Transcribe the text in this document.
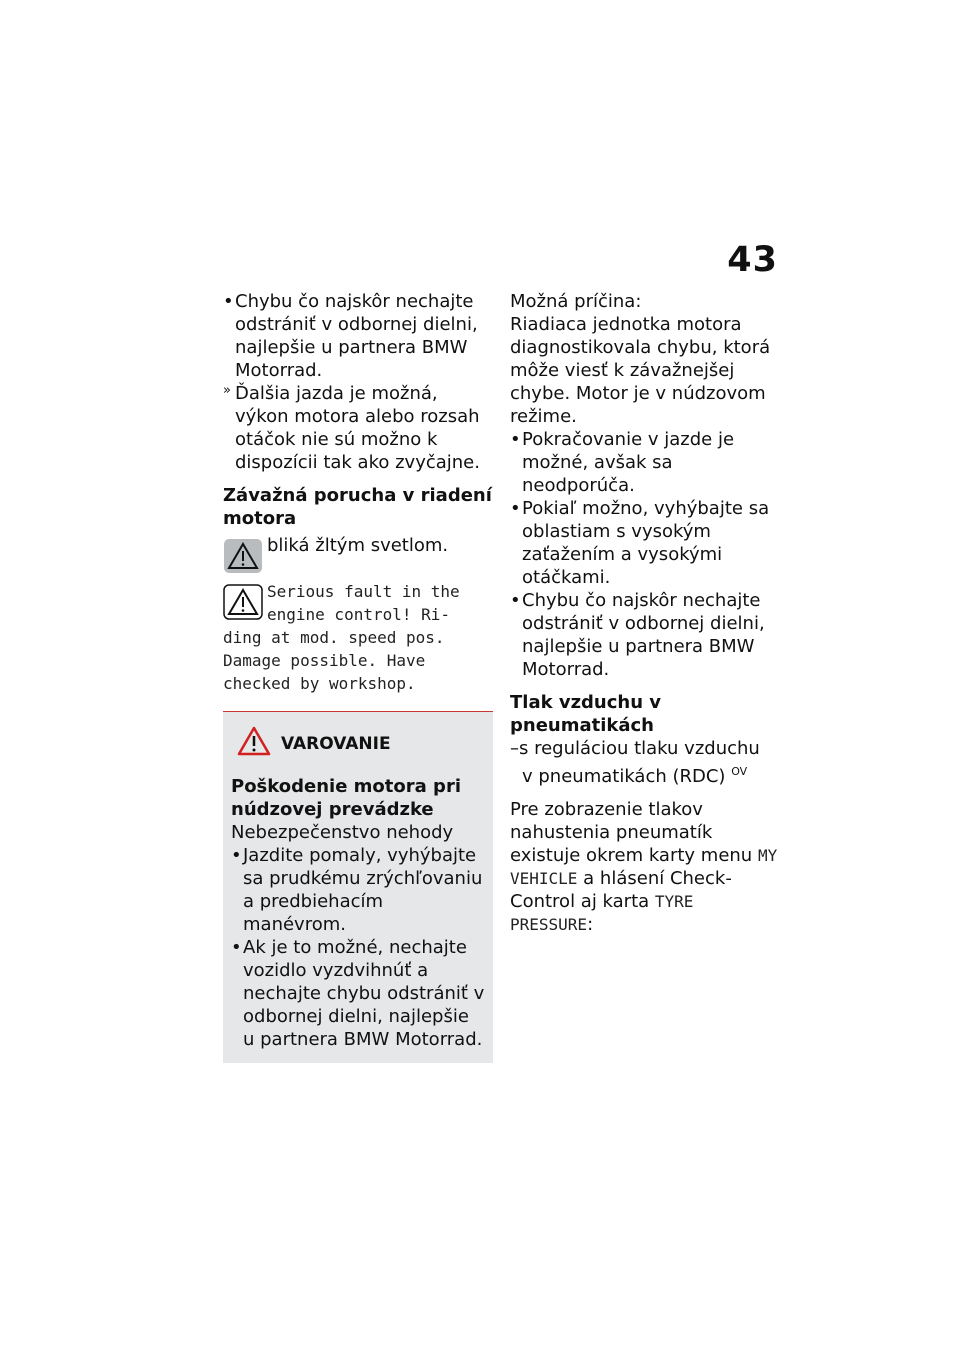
43
• Chybu čo najskôr nechajte odstrániť v odbornej dielni, najlepšie u partnera BMW Motorrad.
» Ďalšia jazda je možná, výkon motora alebo rozsah otáčok nie sú možno k dispozícii tak ako zvyčajne.
Závažná porucha v riadení motora
bliká žltým svetlom.
Serious fault in the
engine control! Ri-
ding at mod. speed pos.
Damage possible. Have
checked by workshop.
VAROVANIE
Poškodenie motora pri núdzovej prevádzke
Nebezpečenstvo nehody
• Jazdite pomaly, vyhýbajte sa prudkému zrýchľovaniu a predbiehacím manévrom.
• Ak je to možné, nechajte vozidlo vyzdvihnúť a nechajte chybu odstrániť v odbornej dielni, najlepšie u partnera BMW Motorrad.
Možná príčina:
Riadiaca jednotka motora diagnostikovala chybu, ktorá môže viesť k závažnejšej chybe. Motor je v núdzovom režime.
• Pokračovanie v jazde je možné, avšak sa neodporúča.
• Pokiaľ možno, vyhýbajte sa oblastiam s vysokým zaťažením a vysokými otáčkami.
• Chybu čo najskôr nechajte odstrániť v odbornej dielni, najlepšie u partnera BMW Motorrad.
Tlak vzduchu v pneumatikách
–s reguláciou tlaku vzduchu
v pneumatikách (RDC) $^{OV}$
Pre zobrazenie tlakov nahustenia pneumatík existuje okrem karty menu MY VEHICLE a hlásení Check-Control aj karta TYRE PRESSURE:
